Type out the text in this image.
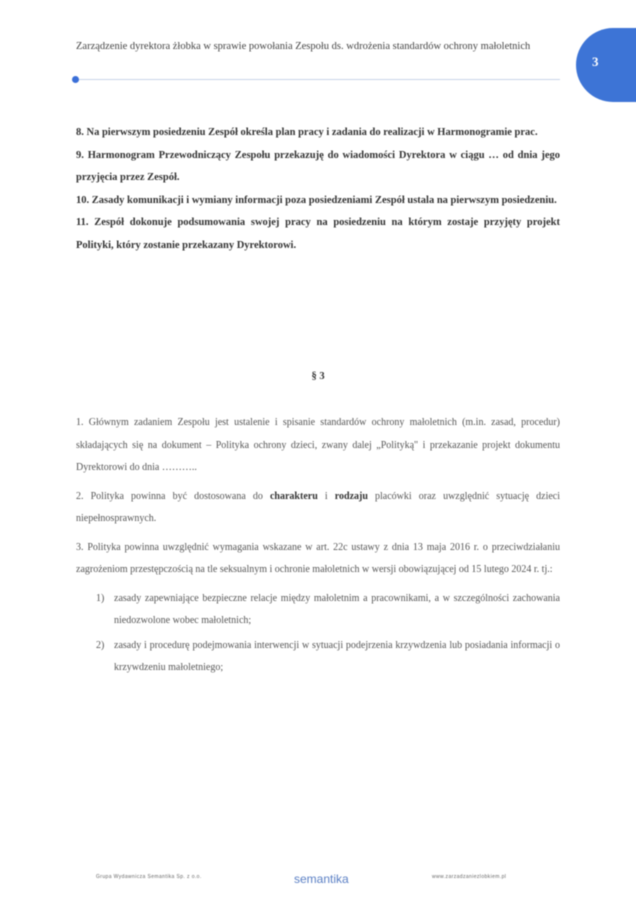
Zarządzenie dyrektora żłobka w sprawie powołania Zespołu ds. wdrożenia standardów ochrony małoletnich
3

8. Na pierwszym posiedzeniu Zespół określa plan pracy i zadania do realizacji w Harmonogramie prac.

9. Harmonogram Przewodniczący Zespołu przekazuję do wiadomości Dyrektora w ciągu … od dnia jego przyjęcia przez Zespół.

10. Zasady komunikacji i wymiany informacji poza posiedzeniami Zespół ustala na pierwszym posiedzeniu.

11. Zespół dokonuje podsumowania swojej pracy na posiedzeniu na którym zostaje przyjęty projekt Polityki, który zostanie przekazany Dyrektorowi.

§ 3

1. Głównym zadaniem Zespołu jest ustalenie i spisanie standardów ochrony małoletnich (m.in. zasad, procedur) składających się na dokument – Polityka ochrony dzieci, zwany dalej „Polityką" i przekazanie projekt dokumentu Dyrektorowi do dnia ………..

2. Polityka powinna być dostosowana do charakteru i rodzaju placówki oraz uwzględnić sytuację dzieci niepełnosprawnych.

3. Polityka powinna uwzględnić wymagania wskazane w art. 22c ustawy z dnia 13 maja 2016 r. o przeciwdziałaniu zagrożeniom przestępczością na tle seksualnym i ochronie małoletnich w wersji obowiązującej od 15 lutego 2024 r. tj.:

1) zasady zapewniające bezpieczne relacje między małoletnim a pracownikami, a w szczególności zachowania niedozwolone wobec małoletnich;
2) zasady i procedurę podejmowania interwencji w sytuacji podejrzenia krzywdzenia lub posiadania informacji o krzywdzeniu małoletniego;
Grupa Wydawnicza Semantika Sp. z o.o.	semantika	www.zarzadzaniezlobkiem.pl
